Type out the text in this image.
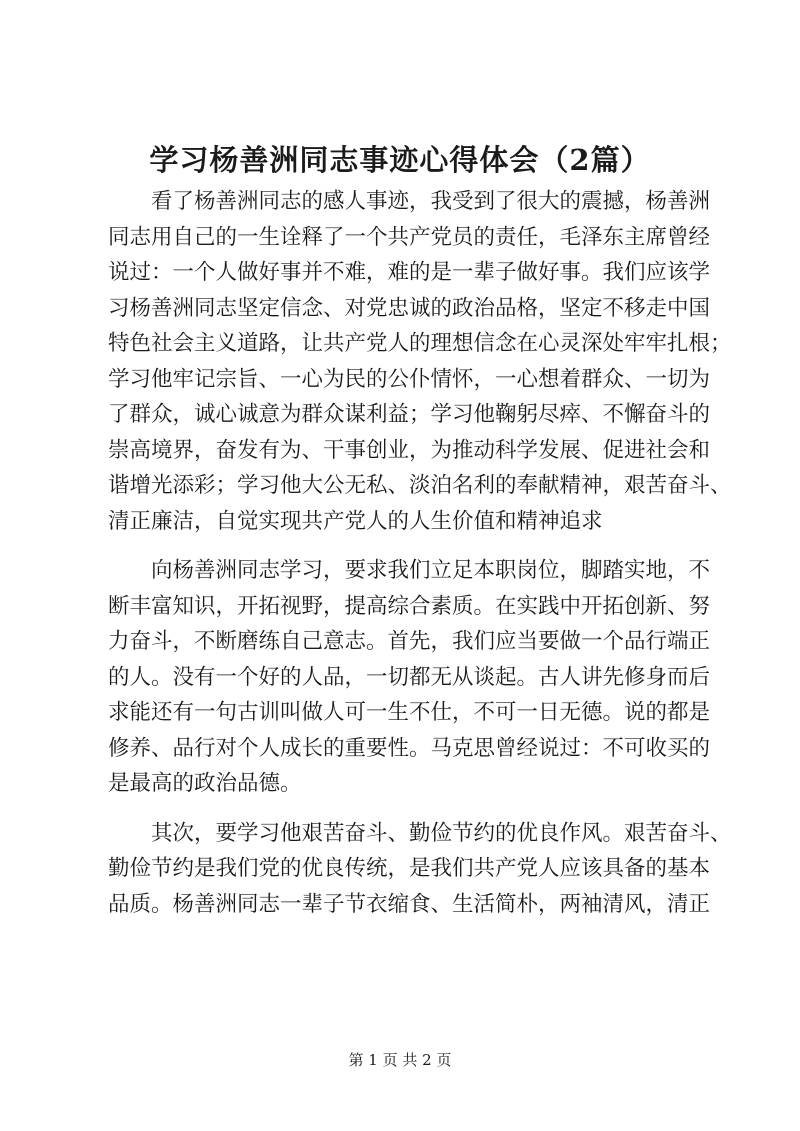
学习杨善洲同志事迹心得体会（2篇）

看了杨善洲同志的感人事迹，我受到了很大的震撼，杨善洲
同志用自己的一生诠释了一个共产党员的责任，毛泽东主席曾经
说过：一个人做好事并不难，难的是一辈子做好事。我们应该学
习杨善洲同志坚定信念、对党忠诚的政治品格，坚定不移走中国
特色社会主义道路，让共产党人的理想信念在心灵深处牢牢扎根；
学习他牢记宗旨、一心为民的公仆情怀，一心想着群众、一切为
了群众，诚心诚意为群众谋利益；学习他鞠躬尽瘁、不懈奋斗的
崇高境界，奋发有为、干事创业，为推动科学发展、促进社会和
谐增光添彩；学习他大公无私、淡泊名利的奉献精神，艰苦奋斗、
清正廉洁，自觉实现共产党人的人生价值和精神追求

向杨善洲同志学习，要求我们立足本职岗位，脚踏实地，不
断丰富知识，开拓视野，提高综合素质。在实践中开拓创新、努
力奋斗，不断磨练自己意志。首先，我们应当要做一个品行端正
的人。没有一个好的人品，一切都无从谈起。古人讲先修身而后
求能还有一句古训叫做人可一生不仕，不可一日无德。说的都是
修养、品行对个人成长的重要性。马克思曾经说过：不可收买的
是最高的政治品德。

其次，要学习他艰苦奋斗、勤俭节约的优良作风。艰苦奋斗、
勤俭节约是我们党的优良传统，是我们共产党人应该具备的基本
品质。杨善洲同志一辈子节衣缩食、生活简朴，两袖清风，清正

第 1 页 共 2 页
